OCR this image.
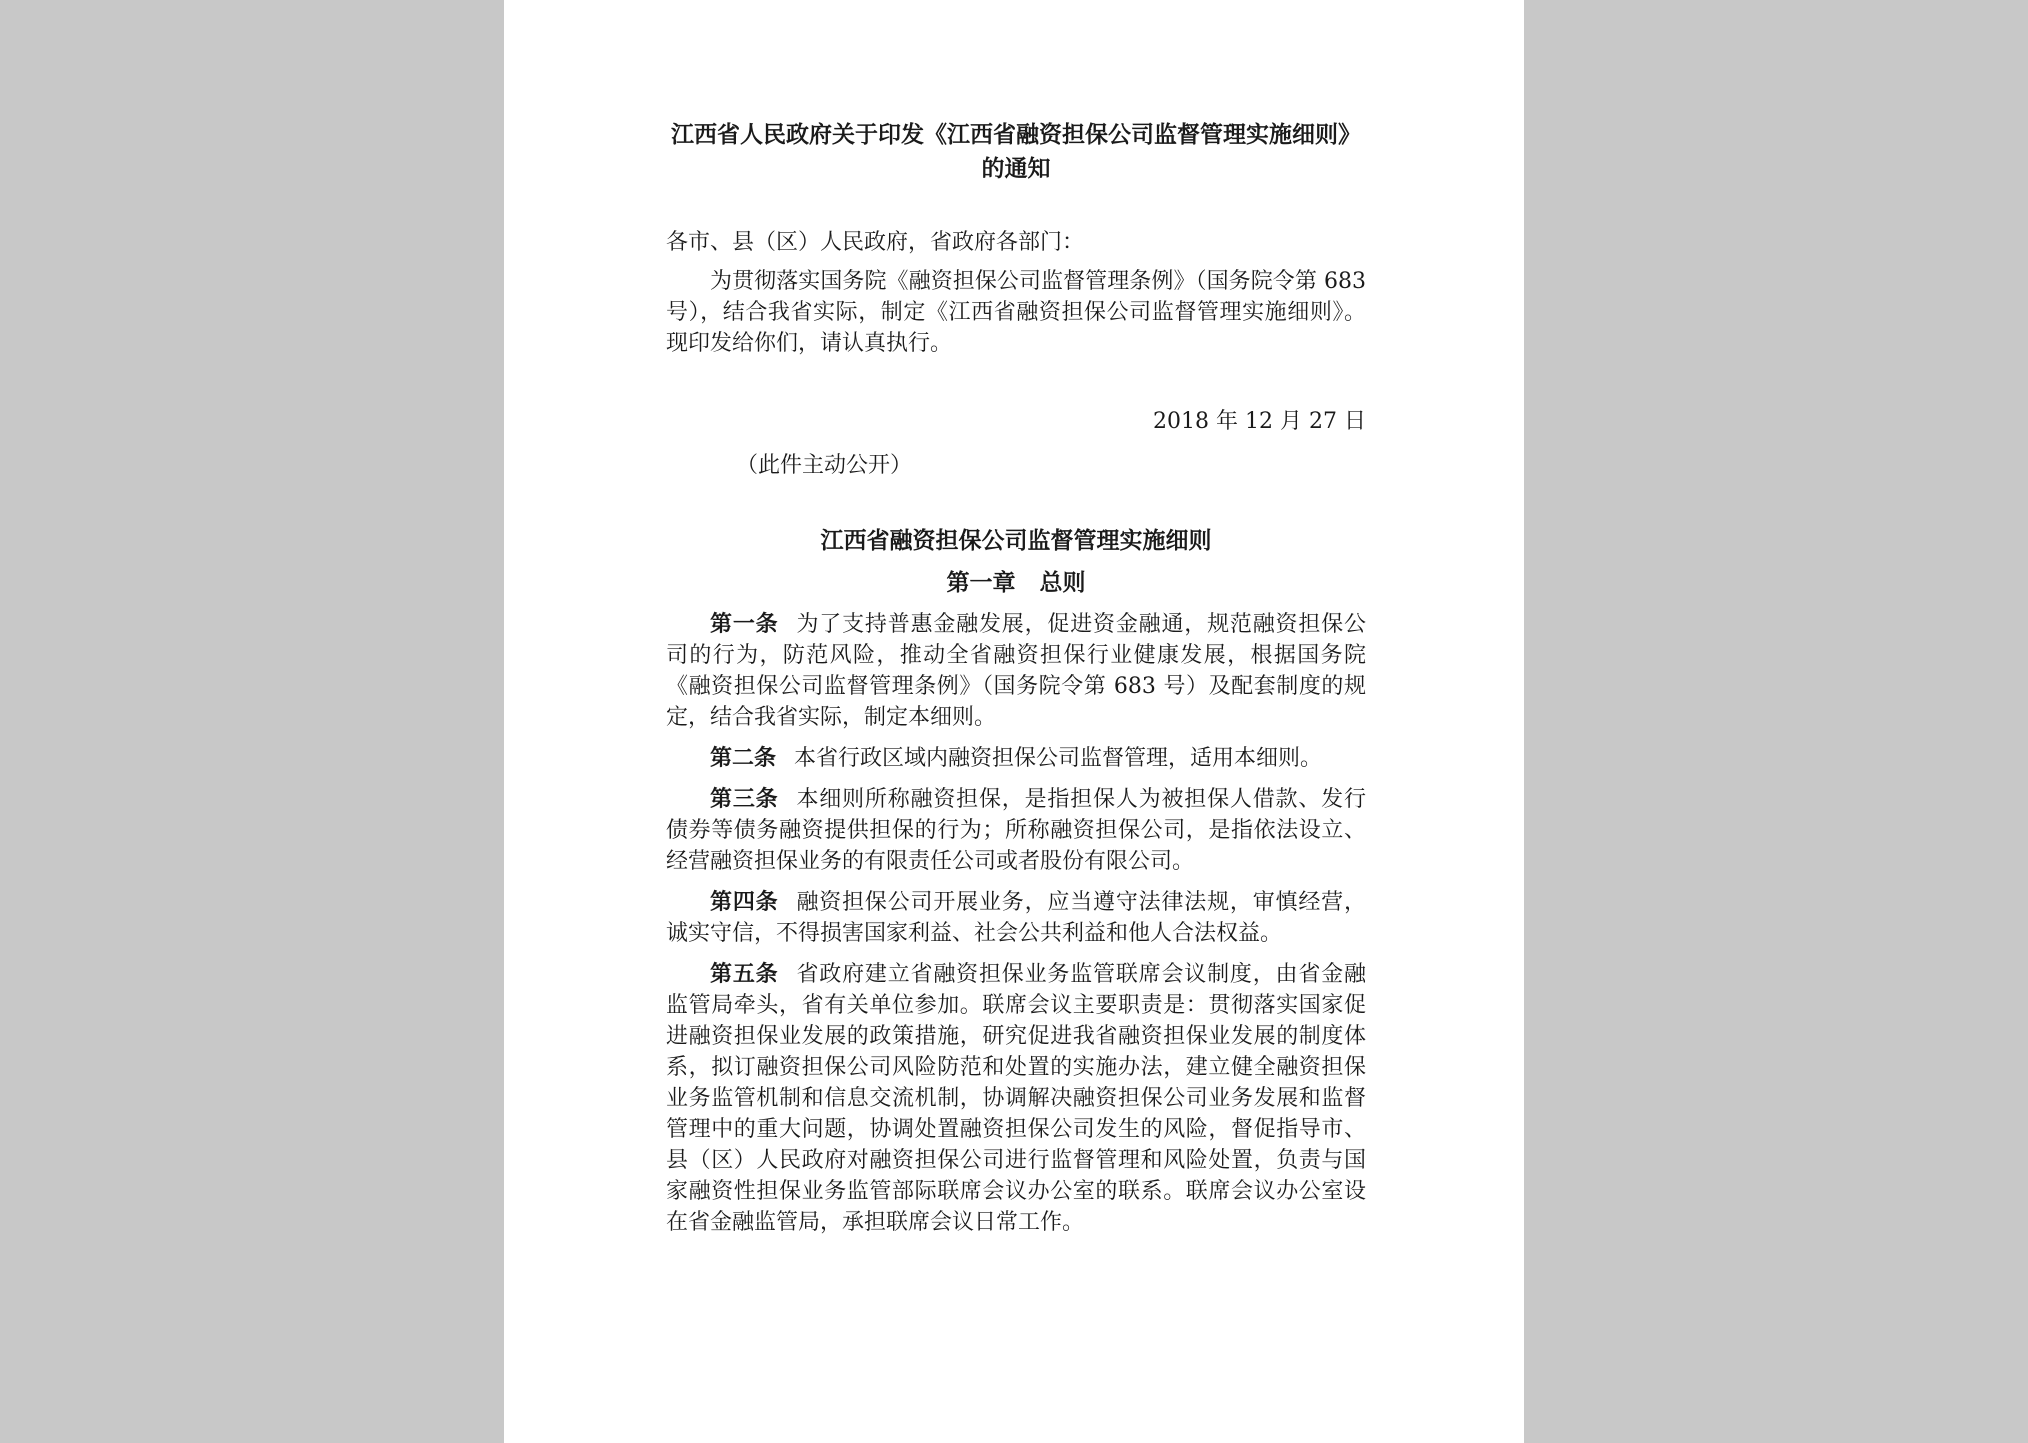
江西省人民政府关于印发《江西省融资担保公司监督管理实施细则》的通知
各市、县（区）人民政府，省政府各部门：

为贯彻落实国务院《融资担保公司监督管理条例》（国务院令第 683 号），结合我省实际，制定《江西省融资担保公司监督管理实施细则》。现印发给你们，请认真执行。

2018 年 12 月 27 日
（此件主动公开）
江西省融资担保公司监督管理实施细则
第一章   总则

第一条 为了支持普惠金融发展，促进资金融通，规范融资担保公司的行为，防范风险，推动全省融资担保行业健康发展，根据国务院《融资担保公司监督管理条例》（国务院令第 683 号）及配套制度的规定，结合我省实际，制定本细则。

第二条 本省行政区域内融资担保公司监督管理，适用本细则。

第三条 本细则所称融资担保，是指担保人为被担保人借款、发行债券等债务融资提供担保的行为；所称融资担保公司，是指依法设立、经营融资担保业务的有限责任公司或者股份有限公司。

第四条 融资担保公司开展业务，应当遵守法律法规，审慎经营，诚实守信，不得损害国家利益、社会公共利益和他人合法权益。

第五条 省政府建立省融资担保业务监管联席会议制度，由省金融监管局牵头，省有关单位参加。联席会议主要职责是：贯彻落实国家促进融资担保业发展的政策措施，研究促进我省融资担保业发展的制度体系，拟订融资担保公司风险防范和处置的实施办法，建立健全融资担保业务监管机制和信息交流机制，协调解决融资担保公司业务发展和监督管理中的重大问题，协调处置融资担保公司发生的风险，督促指导市、县（区）人民政府对融资担保公司进行监督管理和风险处置，负责与国家融资性担保业务监管部际联席会议办公室的联系。联席会议办公室设在省金融监管局，承担联席会议日常工作。
